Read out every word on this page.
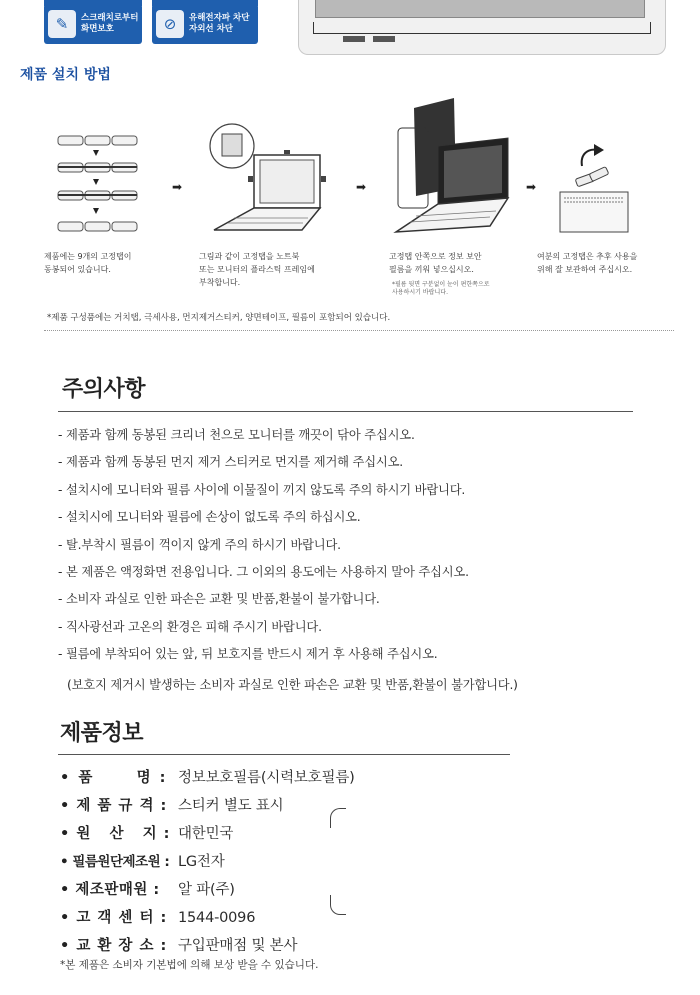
✎	스크래치로부터
화면보호	⊘	유해전자파 차단
자외선 차단
제품 설치 방법
➡	➡	➡
제품에는 9개의 고정탭이
동봉되어 있습니다.
그림과 같이 고정탭을 노트북
또는 모니터의 플라스틱 프레임에
부착합니다.
고정탭 안쪽으로 정보 보안
필름을 끼워 넣으십시오.
*필름 뒷면 구분없이 눈이 편한쪽으로
사용하시기 바랍니다.
여분의 고정탭은 추후 사용을
위해 잘 보관하여 주십시오.
*제품 구성품에는 거치탭, 극세사용, 먼지제거스티커, 양면테이프, 필름이 포함되어 있습니다.
주의사항
- 제품과 함께 동봉된 크리너 천으로 모니터를 깨끗이 닦아 주십시오.
- 제품과 함께 동봉된 먼지 제거 스티커로 먼지를 제거해 주십시오.
- 설치시에 모니터와 필름 사이에 이물질이 끼지 않도록 주의 하시기 바랍니다.
- 설치시에 모니터와 필름에 손상이 없도록 주의 하십시오.
- 탈.부착시 필름이 꺽이지 않게 주의 하시기 바랍니다.
- 본 제품은 액정화면 전용입니다. 그 이외의 용도에는 사용하지 말아 주십시오.
- 소비자 과실로 인한 파손은 교환 및 반품,환불이 불가합니다.
- 직사광선과 고온의 환경은 피해 주시기 바랍니다.
- 필름에 부착되어 있는 앞, 뒤 보호지를 반드시 제거 후 사용해 주십시오.
(보호지 제거시 발생하는 소비자 과실로 인한 파손은 교환 및 반품,환불이 불가합니다.)
제품정보
• 품      명 : 정보보호필름(시력보호필름)
• 제 품 규 격 : 스티커 별도 표시
• 원   산   지 : 대한민국
• 필름원단제조원 : LG전자
• 제조판매원 :	알 파(주)
• 고 객 센 터 : 1544-0096
• 교 환 장 소 : 구입판매점 및 본사
*본 제품은 소비자 기본법에 의해 보상 받을 수 있습니다.
